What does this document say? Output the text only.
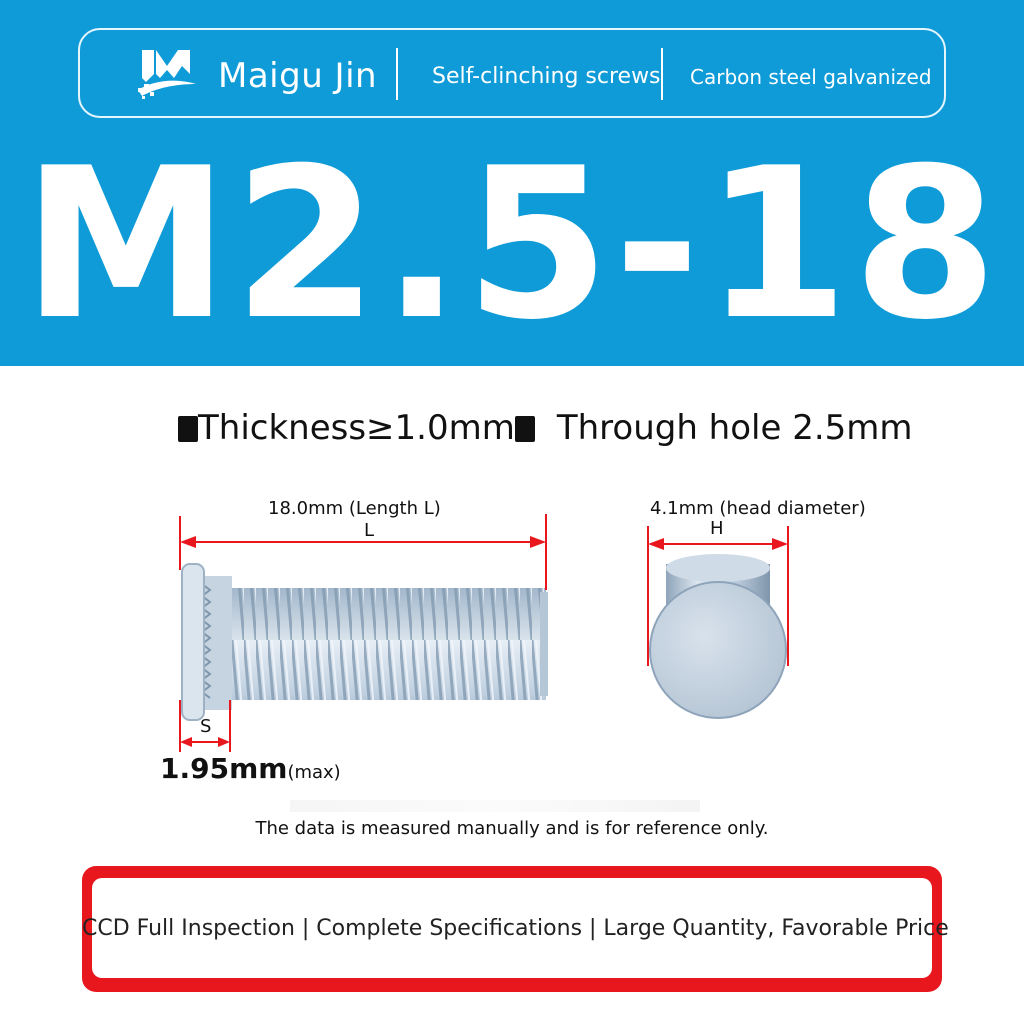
Maigu Jin Self-clinching screws Carbon steel galvanized
M2.5-18
Thickness≥1.0mm Through hole 2.5mm
18.0mm (Length L)
L
S
1.95mm(max)
4.1mm (head diameter)
H
The data is measured manually and is for reference only.
CCD Full Inspection | Complete Specifications | Large Quantity, Favorable Price
